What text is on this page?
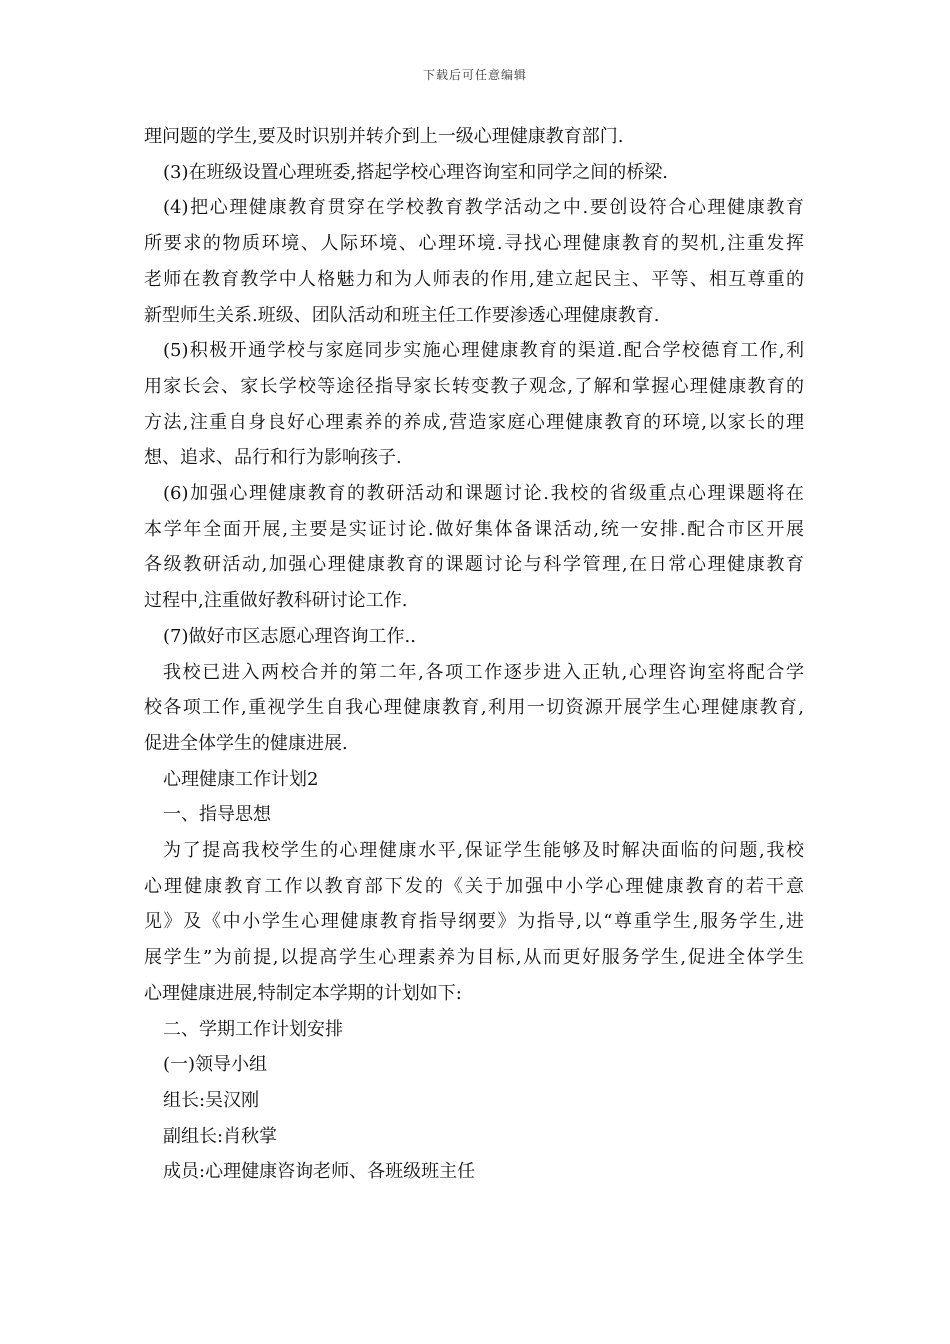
下载后可任意编辑
理问题的学生,要及时识别并转介到上一级心理健康教育部门.
(3)在班级设置心理班委,搭起学校心理咨询室和同学之间的桥梁.
(4)把心理健康教育贯穿在学校教育教学活动之中.要创设符合心理健康教育
所要求的物质环境、人际环境、心理环境.寻找心理健康教育的契机,注重发挥
老师在教育教学中人格魅力和为人师表的作用,建立起民主、平等、相互尊重的
新型师生关系.班级、团队活动和班主任工作要渗透心理健康教育.
(5)积极开通学校与家庭同步实施心理健康教育的渠道.配合学校德育工作,利
用家长会、家长学校等途径指导家长转变教子观念,了解和掌握心理健康教育的
方法,注重自身良好心理素养的养成,营造家庭心理健康教育的环境,以家长的理
想、追求、品行和行为影响孩子.
(6)加强心理健康教育的教研活动和课题讨论.我校的省级重点心理课题将在
本学年全面开展,主要是实证讨论.做好集体备课活动,统一安排.配合市区开展
各级教研活动,加强心理健康教育的课题讨论与科学管理,在日常心理健康教育
过程中,注重做好教科研讨论工作.
(7)做好市区志愿心理咨询工作..
我校已进入两校合并的第二年,各项工作逐步进入正轨,心理咨询室将配合学
校各项工作,重视学生自我心理健康教育,利用一切资源开展学生心理健康教育,
促进全体学生的健康进展.
心理健康工作计划2
一、指导思想
为了提高我校学生的心理健康水平,保证学生能够及时解决面临的问题,我校
心理健康教育工作以教育部下发的《关于加强中小学心理健康教育的若干意
见》及《中小学生心理健康教育指导纲要》为指导,以“尊重学生,服务学生,进
展学生”为前提,以提高学生心理素养为目标,从而更好服务学生,促进全体学生
心理健康进展,特制定本学期的计划如下:
二、学期工作计划安排
(一)领导小组
组长:吴汉刚
副组长:肖秋掌
成员:心理健康咨询老师、各班级班主任
